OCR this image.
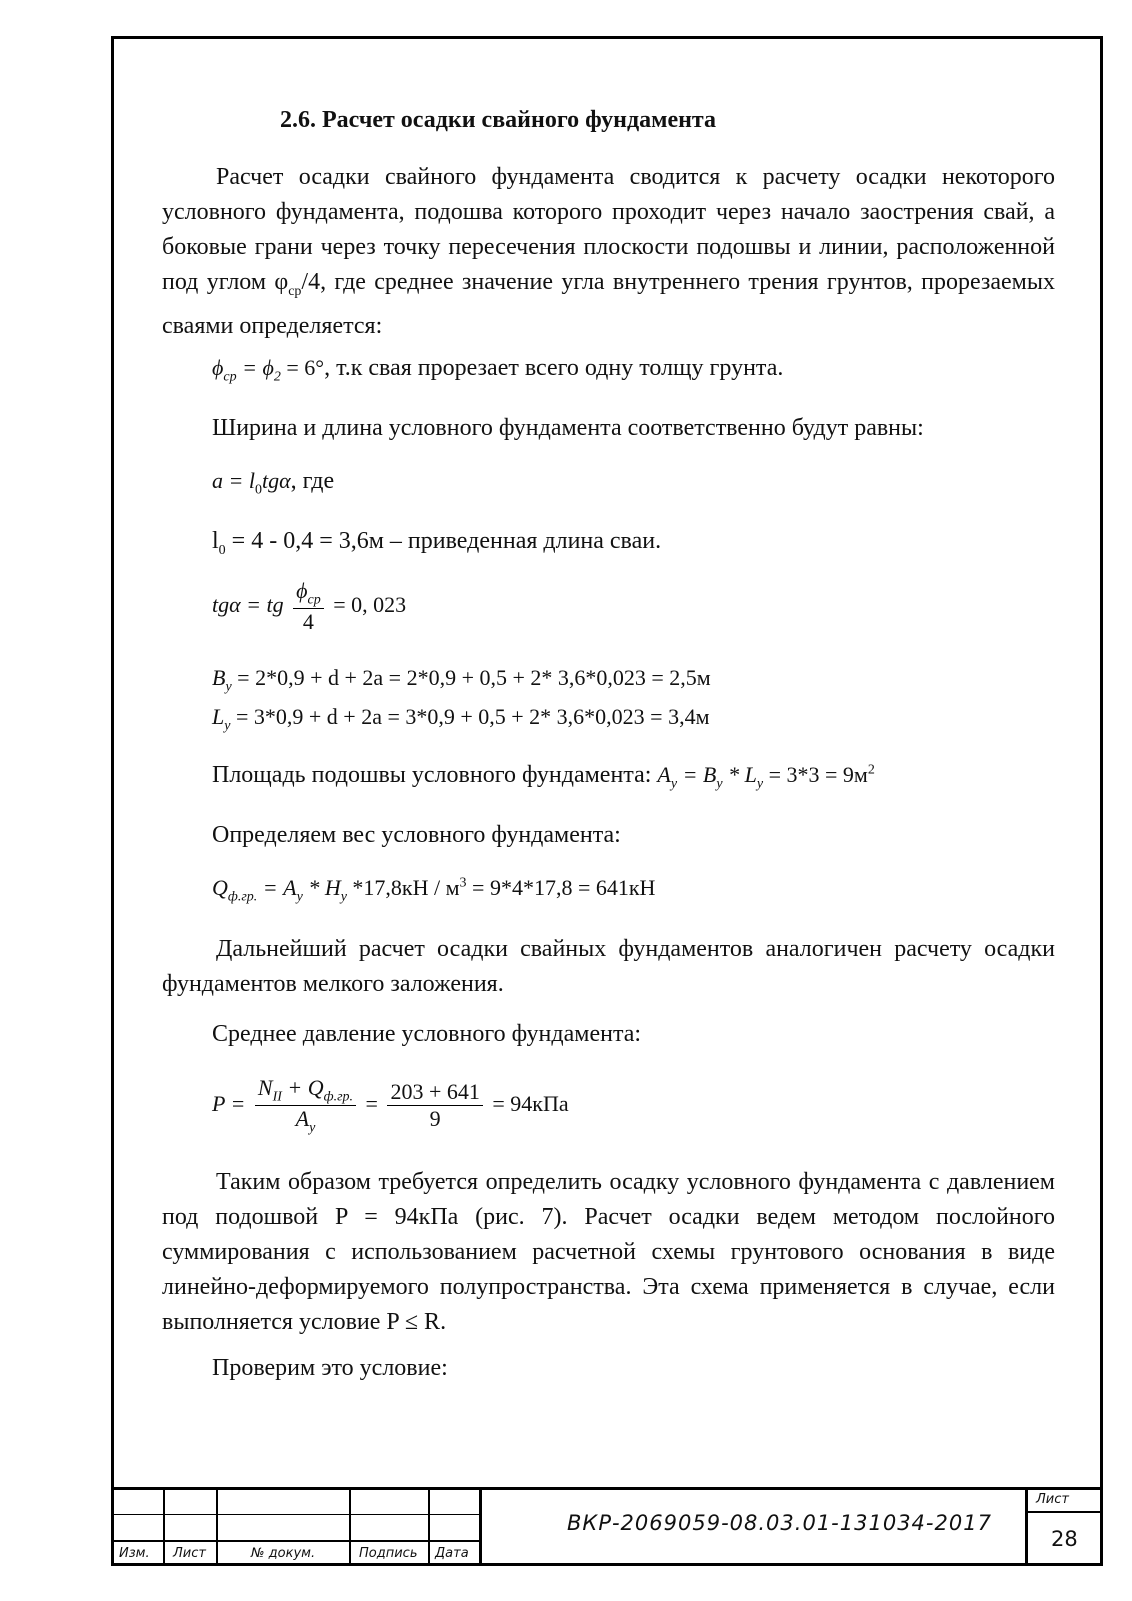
2.6. Расчет осадки свайного фундамента
Расчет осадки свайного фундамента сводится к расчету осадки некоторого условного фундамента, подошва которого проходит через начало заострения свай, а боковые грани через точку пересечения плоскости подошвы и линии, расположенной под углом $\varphi_{ср}/4$, где среднее значение угла внутреннего трения грунтов, прорезаемых сваями определяется:
$\phi_{ср} = \phi_2 = 6^\circ$, т.к свая прорезает всего одну толщу грунта.
Ширина и длина условного фундамента соответственно будут равны:
$a = l_0tg\alpha$, где
$l_0 = 4 - 0,4 = 3,6м$ – приведенная длина сваи.
tgα = tg $\frac{\phi_{ср}}{4} = 0$, 023
$B_у = 2*0,9 + d + 2a = 2*0,9 + 0,5 + 2*$ 3,6*0,023 = 2,5м
$L_у = 3*0,9 + d + 2a = 3*0,9 + 0,5 + 2*$ 3,6*0,023 = 3,4м
Площадь подошвы условного фундамента: $A_у = B_у * L_у = 3*3 = 9м^2$
Определяем вес условного фундамента:
$Q_{ф.гр.} = A_у * H_у$ $*17,8кН / м^3 = 9*4*17,8 = 641кН$
Дальнейший расчет осадки свайных фундаментов аналогичен расчету осадки фундаментов мелкого заложения.
Среднее давление условного фундамента:
$P = \frac{N_{II} + Q_{ф.гр.}}{A_у} = \frac{203 + 641}{9} = 94кПа$
Таким образом требуется определить осадку условного фундамента с давлением под подошвой P = 94кПа (рис. 7). Расчет осадки ведем методом послойного суммирования с использованием расчетной схемы грунтового основания в виде линейно-деформируемого полупространства. Эта схема применяется в случае, если выполняется условие P ≤ R.
Проверим это условие:
Изм. Лист	№ докум.	Подпись Дата
ВКР-2069059-08.03.01-131034-2017
Лист
28
